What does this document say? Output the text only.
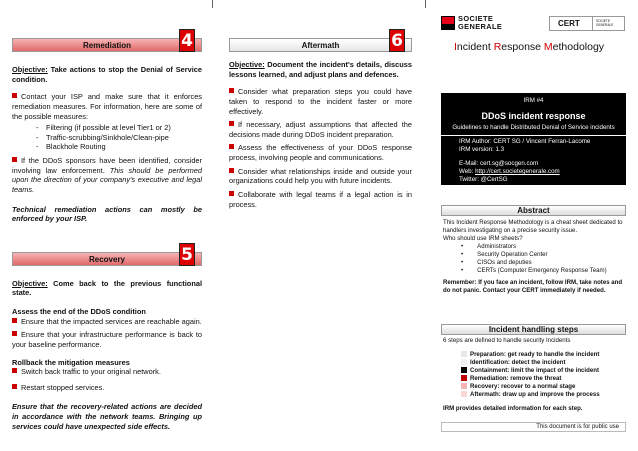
Remediation	4

Objective: Take actions to stop the Denial of Service condition.

Contact your ISP and make sure that it enforces remediation measures. For information, here are some of the possible measures:

- Filtering (if possible at level Tier1 or 2)
- Traffic-scrubbing/Sinkhole/Clean-pipe
- Blackhole Routing

If the DDoS sponsors have been identified, consider involving law enforcement. This should be performed upon the direction of your company's executive and legal teams.

Technical remediation actions can mostly be enforced by your ISP.

Recovery	5

Objective: Come back to the previous functional state.

Assess the end of the DDoS condition

Ensure that the impacted services are reachable again.

Ensure that your infrastructure performance is back to your baseline performance.

Rollback the mitigation measures

Switch back traffic to your original network.

Restart stopped services.

Ensure that the recovery-related actions are decided in accordance with the network teams. Bringing up services could have unexpected side effects.

Aftermath	6

Objective: Document the incident's details, discuss lessons learned, and adjust plans and defences.

Consider what preparation steps you could have taken to respond to the incident faster or more effectively.

If necessary, adjust assumptions that affected the decisions made during DDoS incident preparation.

Assess the effectiveness of your DDoS response process, involving people and communications.

Consider what relationships inside and outside your organizations could help you with future incidents.

Collaborate with legal teams if a legal action is in process.

SOCIETE
GENERALE	CERT	SOCIETE
GENERALE
Incident Response Methodology
IRM #4
DDoS incident response
Guidelines to handle Distributed Denial of Service incidents
IRM Author: CERT SG / Vincent Ferran-Lacome
IRM version: 1.3
E-Mail: cert.sg@socgen.com
Web: http://cert.societegenerale.com
Twitter: @CertSG
Abstract
This Incident Response Methodology is a cheat sheet dedicated to handlers investigating on a precise security issue.
Who should use IRM sheets?
• Administrators
• Security Operation Center
• CISOs and deputies
• CERTs (Computer Emergency Response Team)
Remember: If you face an incident, follow IRM, take notes and do not panic. Contact your CERT immediately if needed.
Incident handling steps
6 steps are defined to handle security Incidents
Preparation: get ready to handle the incident
Identification: detect the incident
Containment: limit the impact of the incident
Remediation: remove the threat
Recovery: recover to a normal stage
Aftermath: draw up and improve the process
IRM provides detailed information for each step.
This document is for public use
